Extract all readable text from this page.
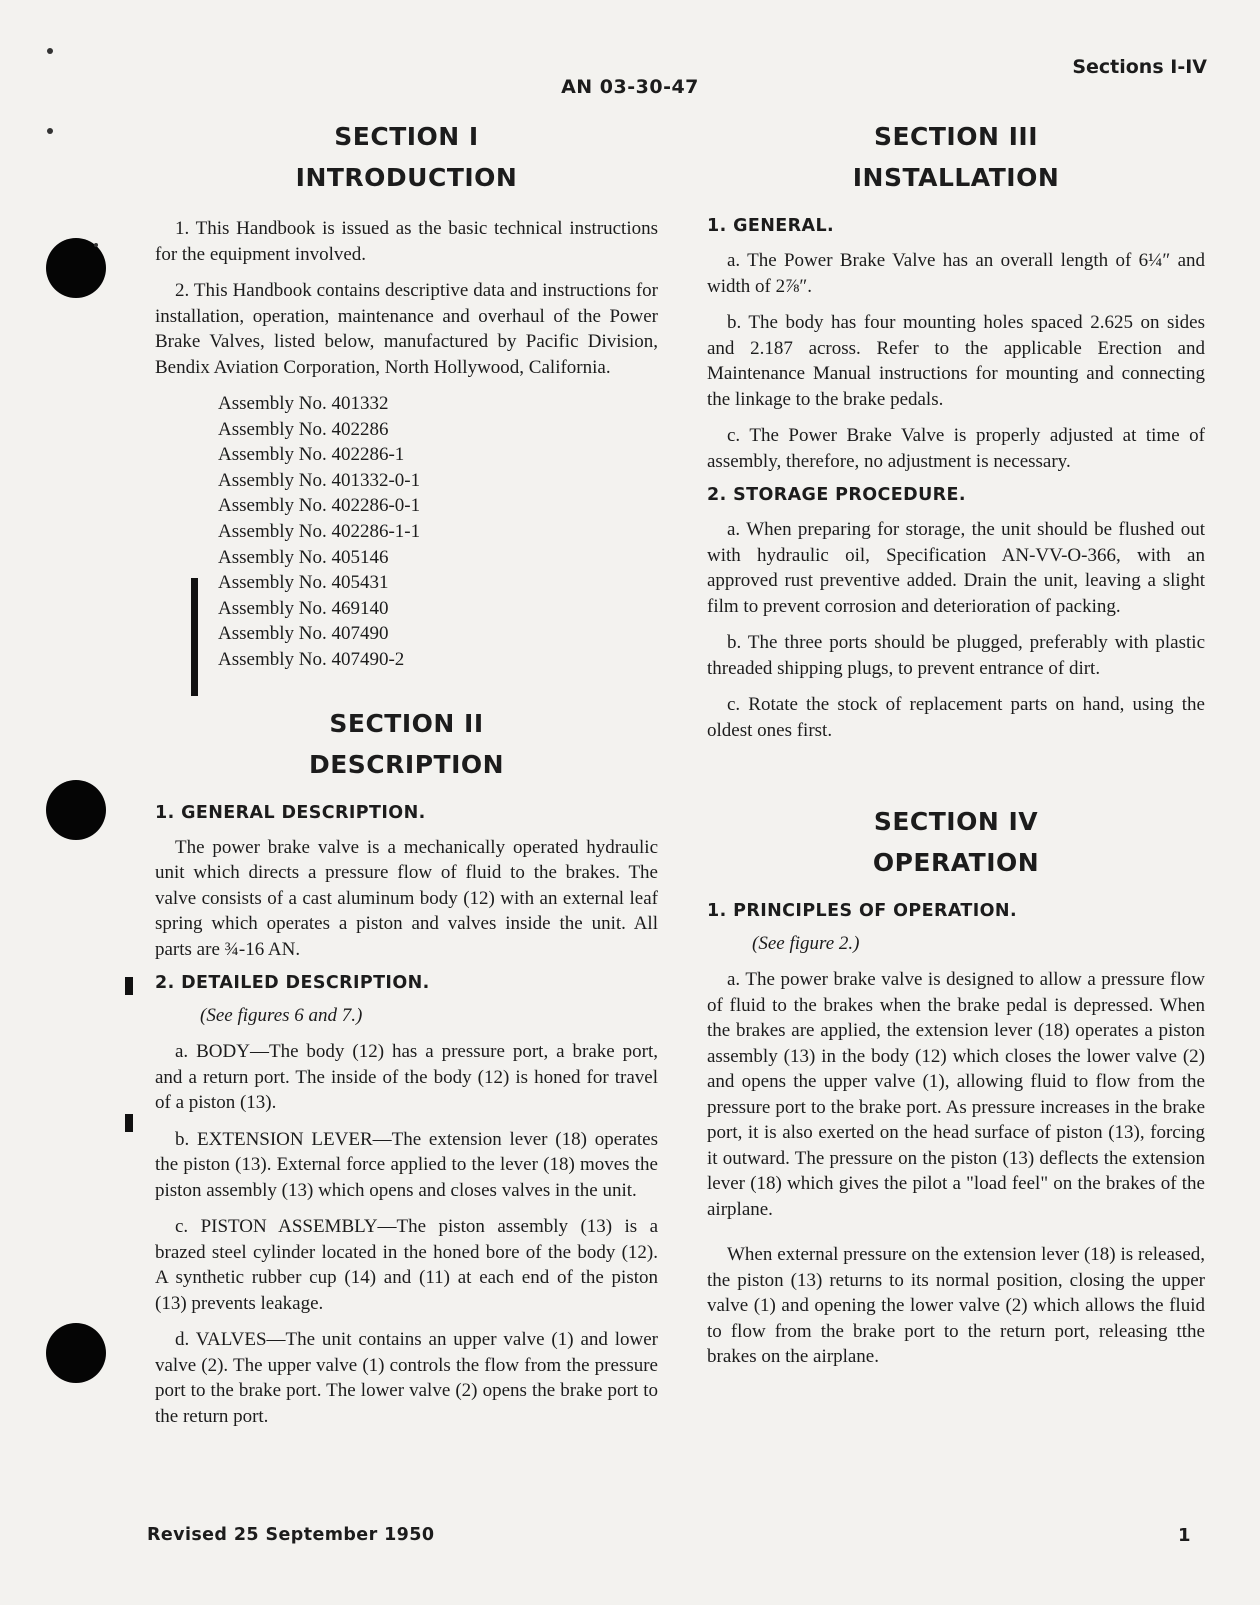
Sections I-IV
AN 03-30-47
SECTION I
INTRODUCTION

1. This Handbook is issued as the basic technical instructions for the equipment involved.

2. This Handbook contains descriptive data and instructions for installation, operation, maintenance and overhaul of the Power Brake Valves, listed below, manufactured by Pacific Division, Bendix Aviation Corporation, North Hollywood, California.

Assembly No. 401332
Assembly No. 402286
Assembly No. 402286-1
Assembly No. 401332-0-1
Assembly No. 402286-0-1
Assembly No. 402286-1-1
Assembly No. 405146
Assembly No. 405431
Assembly No. 469140
Assembly No. 407490
Assembly No. 407490-2
SECTION II
DESCRIPTION
1. GENERAL DESCRIPTION.

The power brake valve is a mechanically operated hydraulic unit which directs a pressure flow of fluid to the brakes. The valve consists of a cast aluminum body (12) with an external leaf spring which operates a piston and valves inside the unit. All parts are ¾-16 AN.

2. DETAILED DESCRIPTION.
(See figures 6 and 7.)

a. BODY—The body (12) has a pressure port, a brake port, and a return port. The inside of the body (12) is honed for travel of a piston (13).

b. EXTENSION LEVER—The extension lever (18) operates the piston (13). External force applied to the lever (18) moves the piston assembly (13) which opens and closes valves in the unit.

c. PISTON ASSEMBLY—The piston assembly (13) is a brazed steel cylinder located in the honed bore of the body (12). A synthetic rubber cup (14) and (11) at each end of the piston (13) prevents leakage.

d. VALVES—The unit contains an upper valve (1) and lower valve (2). The upper valve (1) controls the flow from the pressure port to the brake port. The lower valve (2) opens the brake port to the return port.

SECTION III
INSTALLATION
1. GENERAL.

a. The Power Brake Valve has an overall length of 6¼″ and width of 2⅞″.

b. The body has four mounting holes spaced 2.625 on sides and 2.187 across. Refer to the applicable Erection and Maintenance Manual instructions for mounting and connecting the linkage to the brake pedals.

c. The Power Brake Valve is properly adjusted at time of assembly, therefore, no adjustment is necessary.

2. STORAGE PROCEDURE.

a. When preparing for storage, the unit should be flushed out with hydraulic oil, Specification AN-VV-O-366, with an approved rust preventive added. Drain the unit, leaving a slight film to prevent corrosion and deterioration of packing.

b. The three ports should be plugged, preferably with plastic threaded shipping plugs, to prevent entrance of dirt.

c. Rotate the stock of replacement parts on hand, using the oldest ones first.

SECTION IV
OPERATION
1. PRINCIPLES OF OPERATION.
(See figure 2.)

a. The power brake valve is designed to allow a pressure flow of fluid to the brakes when the brake pedal is depressed. When the brakes are applied, the extension lever (18) operates a piston assembly (13) in the body (12) which closes the lower valve (2) and opens the upper valve (1), allowing fluid to flow from the pressure port to the brake port. As pressure increases in the brake port, it is also exerted on the head surface of piston (13), forcing it outward. The pressure on the piston (13) deflects the extension lever (18) which gives the pilot a "load feel" on the brakes of the airplane.

When external pressure on the extension lever (18) is released, the piston (13) returns to its normal position, closing the upper valve (1) and opening the lower valve (2) which allows the fluid to flow from the brake port to the return port, releasing tthe brakes on the airplane.

Revised 25 September 1950	1
